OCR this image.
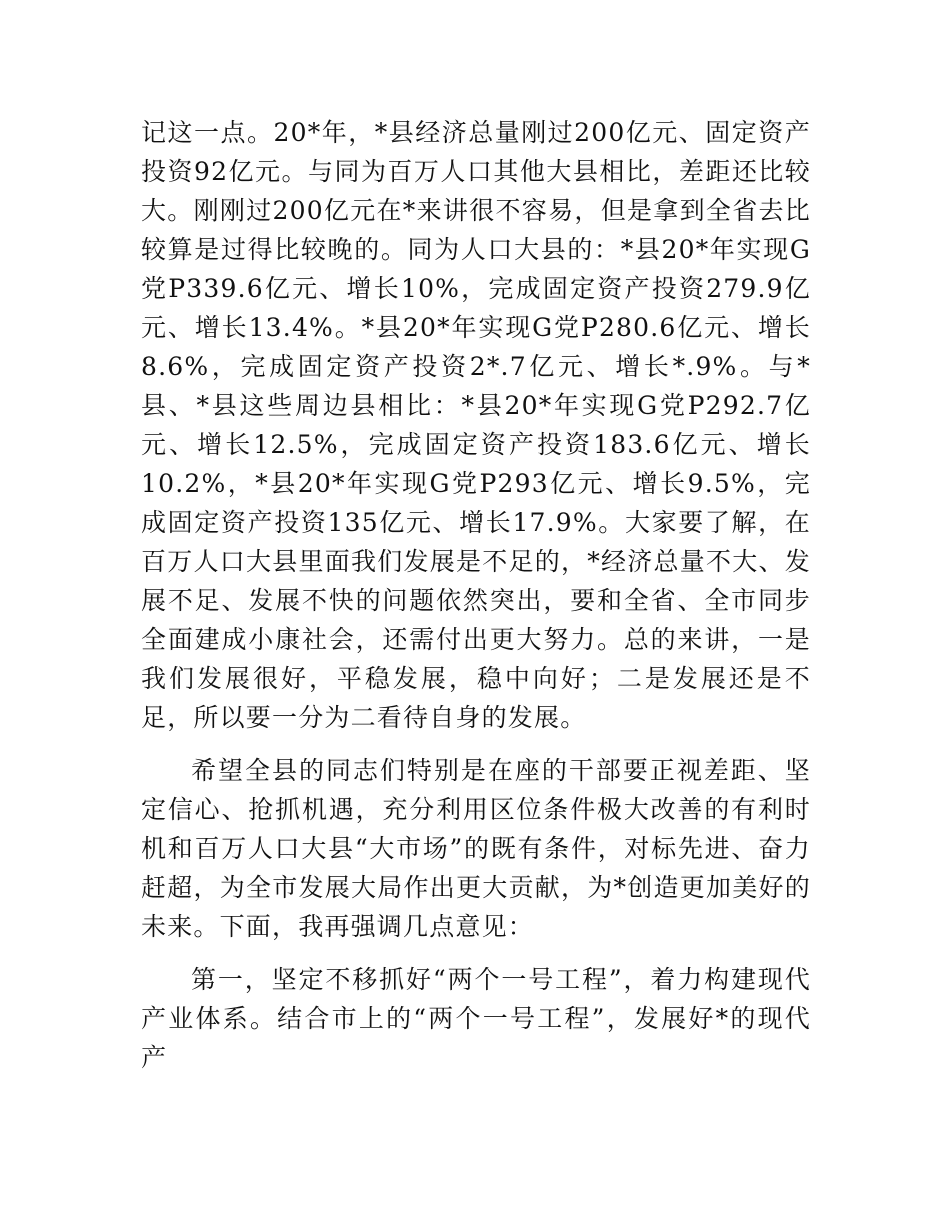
记这一点。20*年，*县经济总量刚过200亿元、固定资产投资92亿元。与同为百万人口其他大县相比，差距还比较大。刚刚过200亿元在*来讲很不容易，但是拿到全省去比较算是过得比较晚的。同为人口大县的：*县20*年实现G党P339.6亿元、增长10%，完成固定资产投资279.9亿元、增长13.4%。*县20*年实现G党P280.6亿元、增长8.6%，完成固定资产投资2*.7亿元、增长*.9%。与*县、*县这些周边县相比：*县20*年实现G党P292.7亿元、增长12.5%，完成固定资产投资183.6亿元、增长10.2%，*县20*年实现G党P293亿元、增长9.5%，完成固定资产投资135亿元、增长17.9%。大家要了解，在百万人口大县里面我们发展是不足的，*经济总量不大、发展不足、发展不快的问题依然突出，要和全省、全市同步全面建成小康社会，还需付出更大努力。总的来讲，一是我们发展很好，平稳发展，稳中向好；二是发展还是不足，所以要一分为二看待自身的发展。

希望全县的同志们特别是在座的干部要正视差距、坚定信心、抢抓机遇，充分利用区位条件极大改善的有利时机和百万人口大县“大市场”的既有条件，对标先进、奋力赶超，为全市发展大局作出更大贡献，为*创造更加美好的未来。下面，我再强调几点意见：

第一，坚定不移抓好“两个一号工程”，着力构建现代产业体系。结合市上的“两个一号工程”，发展好*的现代产
